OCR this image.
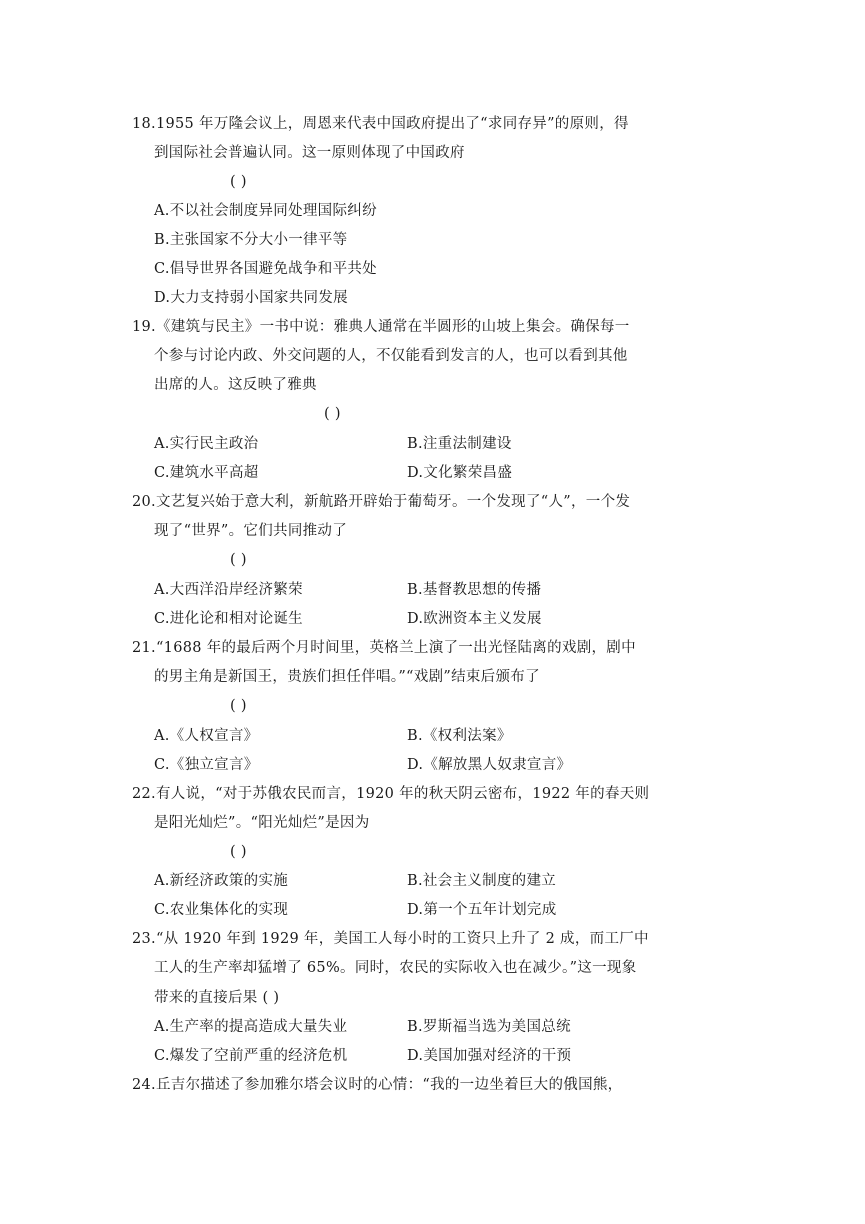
18.1955 年万隆会议上，周恩来代表中国政府提出了“求同存异”的原则，得
到国际社会普遍认同。这一原则体现了中国政府
( )
A.不以社会制度异同处理国际纠纷
B.主张国家不分大小一律平等
C.倡导世界各国避免战争和平共处
D.大力支持弱小国家共同发展
19.《建筑与民主》一书中说：雅典人通常在半圆形的山坡上集会。确保每一
个参与讨论内政、外交问题的人，不仅能看到发言的人，也可以看到其他
出席的人。这反映了雅典
( )
A.实行民主政治	B.注重法制建设
C.建筑水平高超	D.文化繁荣昌盛
20.文艺复兴始于意大利，新航路开辟始于葡萄牙。一个发现了“人”，一个发
现了“世界”。它们共同推动了
( )
A.大西洋沿岸经济繁荣	B.基督教思想的传播
C.进化论和相对论诞生	D.欧洲资本主义发展
21.“1688 年的最后两个月时间里，英格兰上演了一出光怪陆离的戏剧，剧中
的男主角是新国王，贵族们担任伴唱。”“戏剧”结束后颁布了
( )
A.《人权宣言》	B.《权利法案》
C.《独立宣言》	D.《解放黑人奴隶宣言》
22.有人说，“对于苏俄农民而言，1920 年的秋天阴云密布，1922 年的春天则
是阳光灿烂”。“阳光灿烂”是因为
( )
A.新经济政策的实施	B.社会主义制度的建立
C.农业集体化的实现	D.第一个五年计划完成
23.“从 1920 年到 1929 年，美国工人每小时的工资只上升了 2 成，而工厂中
工人的生产率却猛增了 65%。同时，农民的实际收入也在减少。”这一现象
带来的直接后果 ( )
A.生产率的提高造成大量失业	B.罗斯福当选为美国总统
C.爆发了空前严重的经济危机	D.美国加强对经济的干预
24.丘吉尔描述了参加雅尔塔会议时的心情：“我的一边坐着巨大的俄国熊，
